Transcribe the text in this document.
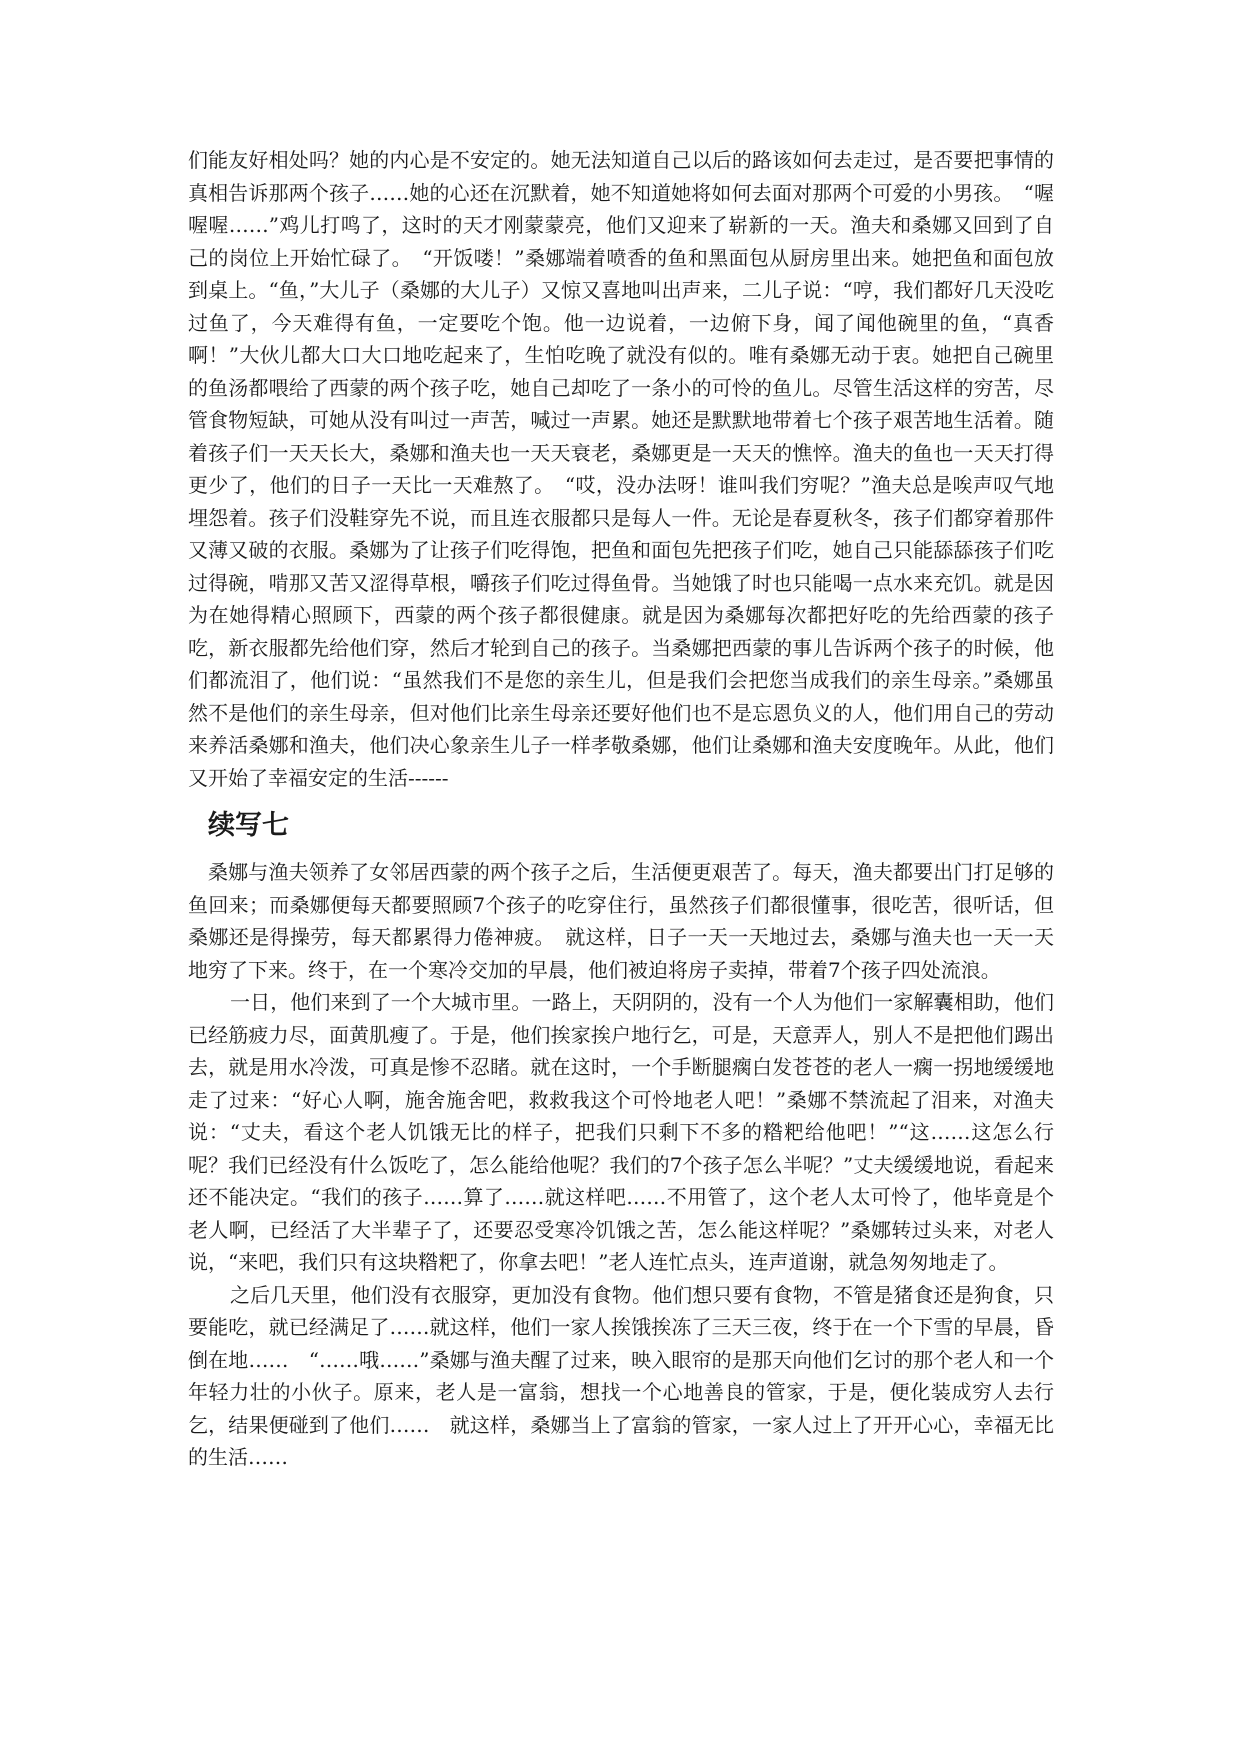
们能友好相处吗？她的内心是不安定的。她无法知道自己以后的路该如何去走过，是否要把事情的真相告诉那两个孩子……她的心还在沉默着，她不知道她将如何去面对那两个可爱的小男孩。　“喔喔喔……”鸡儿打鸣了，这时的天才刚蒙蒙亮，他们又迎来了崭新的一天。渔夫和桑娜又回到了自己的岗位上开始忙碌了。　“开饭喽！”桑娜端着喷香的鱼和黑面包从厨房里出来。她把鱼和面包放到桌上。“鱼，”大儿子（桑娜的大儿子）又惊又喜地叫出声来，二儿子说：“哼，我们都好几天没吃过鱼了，今天难得有鱼，一定要吃个饱。他一边说着，一边俯下身，闻了闻他碗里的鱼，“真香啊！”大伙儿都大口大口地吃起来了，生怕吃晚了就没有似的。唯有桑娜无动于衷。她把自己碗里的鱼汤都喂给了西蒙的两个孩子吃，她自己却吃了一条小的可怜的鱼儿。尽管生活这样的穷苦，尽管食物短缺，可她从没有叫过一声苦，喊过一声累。她还是默默地带着七个孩子艰苦地生活着。随着孩子们一天天长大，桑娜和渔夫也一天天衰老，桑娜更是一天天的憔悴。渔夫的鱼也一天天打得更少了，他们的日子一天比一天难熬了。　“哎，没办法呀！谁叫我们穷呢？”渔夫总是唉声叹气地埋怨着。孩子们没鞋穿先不说，而且连衣服都只是每人一件。无论是春夏秋冬，孩子们都穿着那件又薄又破的衣服。桑娜为了让孩子们吃得饱，把鱼和面包先把孩子们吃，她自己只能舔舔孩子们吃过得碗，啃那又苦又涩得草根，嚼孩子们吃过得鱼骨。当她饿了时也只能喝一点水来充饥。就是因为在她得精心照顾下，西蒙的两个孩子都很健康。就是因为桑娜每次都把好吃的先给西蒙的孩子吃，新衣服都先给他们穿，然后才轮到自己的孩子。当桑娜把西蒙的事儿告诉两个孩子的时候，他们都流泪了，他们说：“虽然我们不是您的亲生儿，但是我们会把您当成我们的亲生母亲。”桑娜虽然不是他们的亲生母亲，但对他们比亲生母亲还要好他们也不是忘恩负义的人，他们用自己的劳动来养活桑娜和渔夫，他们决心象亲生儿子一样孝敬桑娜，他们让桑娜和渔夫安度晚年。从此，他们又开始了幸福安定的生活------

续写七

桑娜与渔夫领养了女邻居西蒙的两个孩子之后，生活便更艰苦了。每天，渔夫都要出门打足够的鱼回来；而桑娜便每天都要照顾7个孩子的吃穿住行，虽然孩子们都很懂事，很吃苦，很听话，但桑娜还是得操劳，每天都累得力倦神疲。　就这样，日子一天一天地过去，桑娜与渔夫也一天一天地穷了下来。终于，在一个寒冷交加的早晨，他们被迫将房子卖掉，带着7个孩子四处流浪。

一日，他们来到了一个大城市里。一路上，天阴阴的，没有一个人为他们一家解囊相助，他们已经筋疲力尽，面黄肌瘦了。于是，他们挨家挨户地行乞，可是，天意弄人，别人不是把他们踢出去，就是用水冷泼，可真是惨不忍睹。就在这时，一个手断腿瘸白发苍苍的老人一瘸一拐地缓缓地走了过来：“好心人啊，施舍施舍吧，救救我这个可怜地老人吧！”桑娜不禁流起了泪来，对渔夫说：“丈夫，看这个老人饥饿无比的样子，把我们只剩下不多的糌粑给他吧！”“这……这怎么行呢？我们已经没有什么饭吃了，怎么能给他呢？我们的7个孩子怎么半呢？”丈夫缓缓地说，看起来还不能决定。“我们的孩子……算了……就这样吧……不用管了，这个老人太可怜了，他毕竟是个老人啊，已经活了大半辈子了，还要忍受寒冷饥饿之苦，怎么能这样呢？”桑娜转过头来，对老人说，“来吧，我们只有这块糌粑了，你拿去吧！”老人连忙点头，连声道谢，就急匆匆地走了。

之后几天里，他们没有衣服穿，更加没有食物。他们想只要有食物，不管是猪食还是狗食，只要能吃，就已经满足了……就这样，他们一家人挨饿挨冻了三天三夜，终于在一个下雪的早晨，昏倒在地……　“……哦……”桑娜与渔夫醒了过来，映入眼帘的是那天向他们乞讨的那个老人和一个年轻力壮的小伙子。原来，老人是一富翁，想找一个心地善良的管家，于是，便化装成穷人去行乞，结果便碰到了他们……　就这样，桑娜当上了富翁的管家，一家人过上了开开心心，幸福无比的生活……
